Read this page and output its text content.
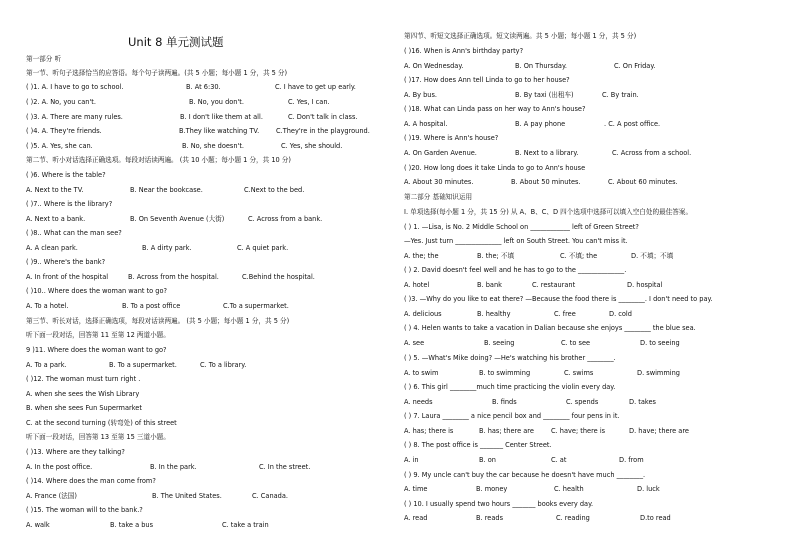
Unit 8 单元测试题
第一部分 听
第一节、听句子选择恰当的应答语。每个句子读两遍。(共 5 小题；每小题 1 分，共 5 分)
( )1. A. I have to go to school.	B. At 6:30.	C. I have to get up early.
( )2. A. No, you can't.	B. No, you don't.	C. Yes, I can.
( )3. A. There are many rules.	B. I don't like them at all.	C. Don't talk in class.
( )4. A. They're friends.	B.They like watching TV.	C.They're in the playground.
( )5. A. Yes, she can.	B. No, she doesn't.	C. Yes, she should.
第二节、听小对话选择正确选项。每段对话读两遍。 (共 10 小题；每小题 1 分，共 10 分)
( )6. Where is the table?
A. Next to the TV.	B. Near the bookcase.	C.Next to the bed.
( )7.. Where is the library?
A. Next to a bank.	B. On Seventh Avenue (大街)	C. Across from a bank.
( )8.. What can the man see?
A. A clean park.	B. A dirty park.	C. A quiet park.
( )9.. Where's the bank?
A. In front of the hospital	B. Across from the hospital.	C.Behind the hospital.
( )10.. Where does the woman want to go?
A. To a hotel.	B. To a post office	C.To a supermarket.
第三节、听长对话，选择正确选项，每段对话读两遍。 (共 5 小题；每小题 1 分，共 5 分)
听下面一段对话，回答第 11 至第 12 两道小题。
9 )11. Where does the woman want to go?
A. To a park.	B. To a supermarket.	C. To a library.
( )12. The woman must turn right .
A. when she sees the Wish Library
B. when she sees Fun Supermarket
C. at the second turning (转弯处) of this street
听下面一段对话，回答第 13 至第 15 三道小题。
( )13. Where are they talking?
A. In the post office.	B. In the park.	C. In the street.
( )14. Where does the man come from?
A. France (法国)	B. The United States.	C. Canada.
( )15. The woman will to the bank.?
A. walk	B. take a bus	C. take a train
第四节、听短文选择正确选项。短文读两遍。共 5 小题；每小题 1 分，共 5 分)
( )16. When is Ann's birthday party?
A. On Wednesday.	B. On Thursday.	C. On Friday.
( )17. How does Ann tell Linda to go to her house?
A. By bus.	B. By taxi (出租车)	C. By train.
( )18. What can Linda pass on her way to Ann's house?
A. A hospital.	B. A pay phone	. C. A post office.
( )19. Where is Ann's house?
A. On Garden Avenue.	B. Next to a library.	C. Across from a school.
( )20. How long does it take Linda to go to Ann's house
A. About 30 minutes.	B. About 50 minutes.	C. About 60 minutes.
第二部分 基础知识运用
I. 单项选择(每小题 1 分，共 15 分) 从 A、B、C、D 四个选项中选择可以填入空白处的最佳答案。
( ) 1. —Lisa, is No. 2 Middle School on ____________ left of Green Street?
—Yes. Just turn ______________ left on South Street. You can't miss it.
A. the; the	B. the; 不填	C. 不填; the	D. 不填；不填
( ) 2. David doesn't feel well and he has to go to the ______________.
A. hotel	B. bank	C. restaurant	D. hospital
( )3. —Why do you like to eat there? —Because the food there is ________. I don't need to pay.
A. delicious	B. healthy	C. free	D. cold
( ) 4. Helen wants to take a vacation in Dalian because she enjoys ________ the blue sea.
A. see	B. seeing	C. to see	D. to seeing
( ) 5. —What's Mike doing? —He's watching his brother ________.
A. to swim	B. to swimming	C. swims	D. swimming
( ) 6. This girl ________much time practicing the violin every day.
A. needs	B. finds	C. spends	D. takes
( ) 7. Laura ________ a nice pencil box and ________ four pens in it.
A. has; there is	B. has; there are	C. have; there is	D. have; there are
( ) 8. The post office is _______ Center Street.
A. in	B. on	C. at	D. from
( ) 9. My uncle can't buy the car because he doesn't have much ________.
A. time	B. money	C. health	D. luck
( ) 10. I usually spend two hours _______ books every day.
A. read	B. reads	C. reading	D.to read
